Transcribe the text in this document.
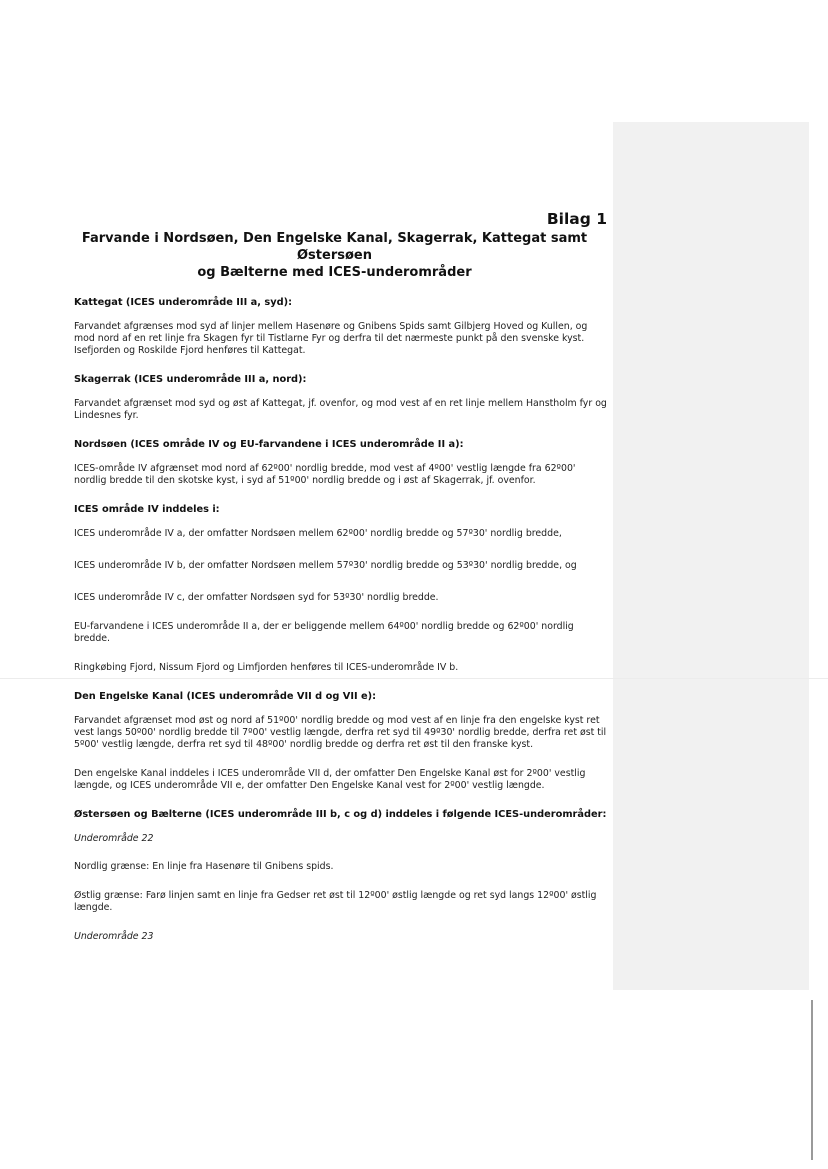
Bilag 1
Farvande i Nordsøen, Den Engelske Kanal, Skagerrak, Kattegat samt Østersøen
og Bælterne med ICES-underområder
Kattegat (ICES underområde III a, syd):
Farvandet afgrænses mod syd af linjer mellem Hasenøre og Gnibens Spids samt Gilbjerg Hoved og Kullen, og mod nord af en ret linje fra Skagen fyr til Tistlarne Fyr og derfra til det nærmeste punkt på den svenske kyst. Isefjorden og Roskilde Fjord henføres til Kattegat.
Skagerrak (ICES underområde III a, nord):
Farvandet afgrænset mod syd og øst af Kattegat, jf. ovenfor, og mod vest af en ret linje mellem Hanstholm fyr og Lindesnes fyr.
Nordsøen (ICES område IV og EU-farvandene i ICES underområde II a):
ICES-område IV afgrænset mod nord af 62º00' nordlig bredde, mod vest af 4º00' vestlig længde fra 62º00' nordlig bredde til den skotske kyst, i syd af 51º00' nordlig bredde og i øst af Skagerrak, jf. ovenfor.
ICES område IV inddeles i:
ICES underområde IV a, der omfatter Nordsøen mellem 62º00' nordlig bredde og 57º30' nordlig bredde,
ICES underområde IV b, der omfatter Nordsøen mellem 57º30' nordlig bredde og 53º30' nordlig bredde, og
ICES underområde IV c, der omfatter Nordsøen syd for 53º30' nordlig bredde.
EU-farvandene i ICES underområde II a, der er beliggende mellem 64º00' nordlig bredde og 62º00' nordlig bredde.
Ringkøbing Fjord, Nissum Fjord og Limfjorden henføres til ICES-underområde IV b.
Den Engelske Kanal (ICES underområde VII d og VII e):
Farvandet afgrænset mod øst og nord af 51º00' nordlig bredde og mod vest af en linje fra den engelske kyst ret vest langs 50º00' nordlig bredde til 7º00' vestlig længde, derfra ret syd til 49º30' nordlig bredde, derfra ret øst til 5º00' vestlig længde, derfra ret syd til 48º00' nordlig bredde og derfra ret øst til den franske kyst.
Den engelske Kanal inddeles i ICES underområde VII d, der omfatter Den Engelske Kanal øst for 2º00' vestlig længde, og ICES underområde VII e, der omfatter Den Engelske Kanal vest for 2º00' vestlig længde.
Østersøen og Bælterne (ICES underområde III b, c og d) inddeles i følgende ICES-underområder:
Underområde 22
Nordlig grænse: En linje fra Hasenøre til Gnibens spids.
Østlig grænse: Farø linjen samt en linje fra Gedser ret øst til 12º00' østlig længde og ret syd langs 12º00' østlig længde.
Underområde 23
